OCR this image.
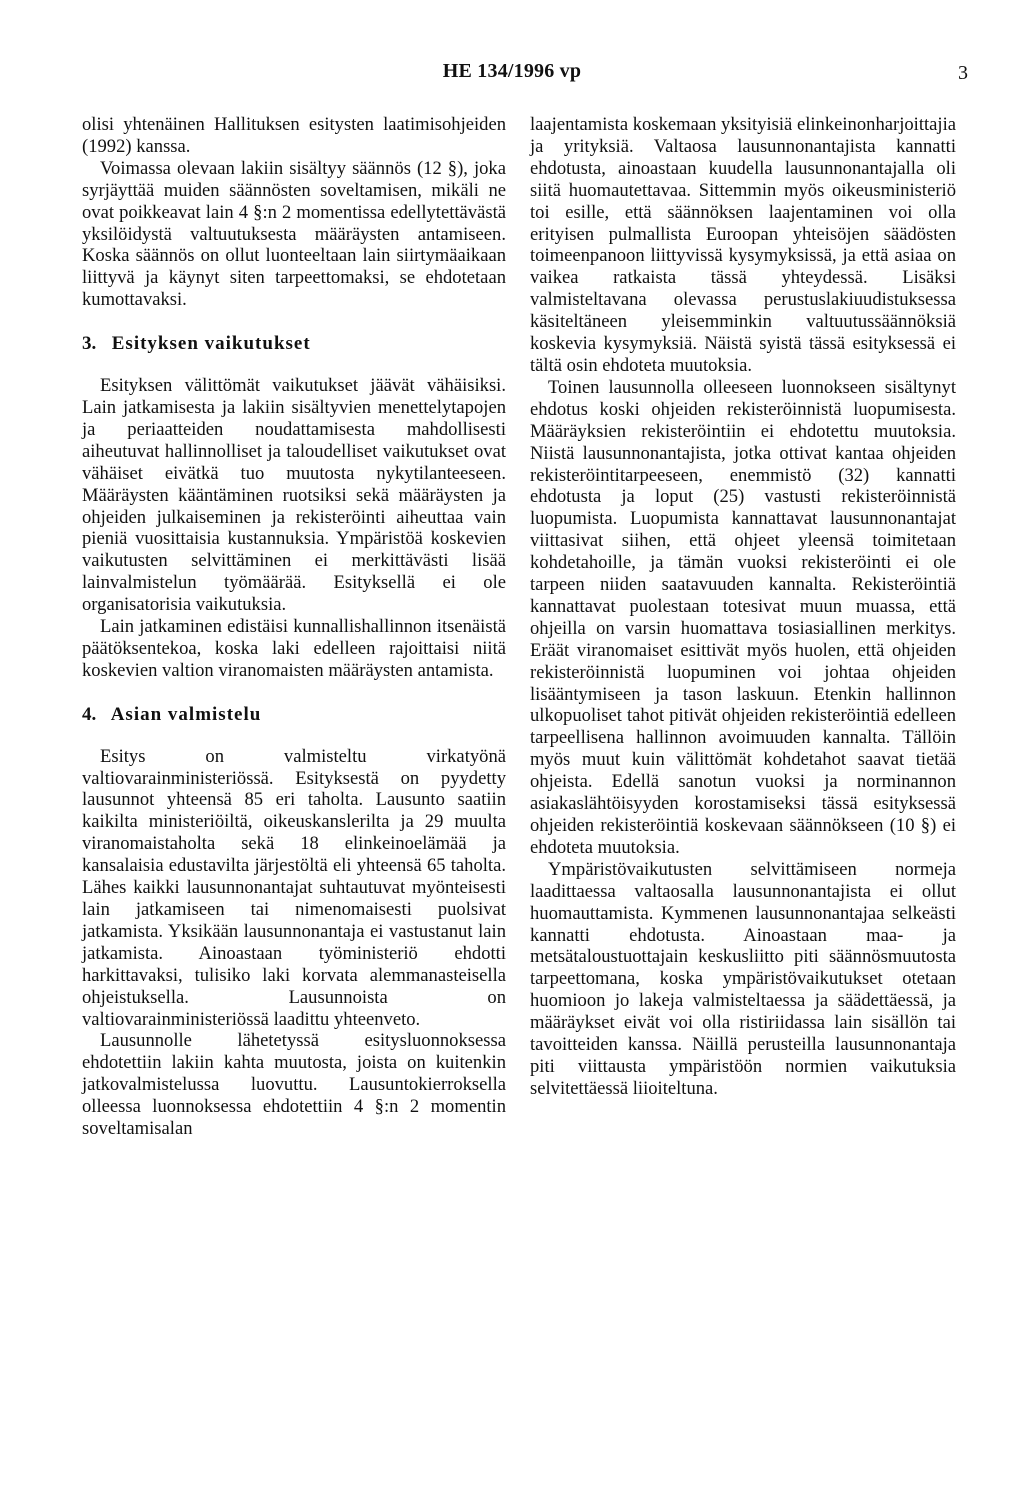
HE 134/1996 vp	3

olisi yhtenäinen Hallituksen esitysten laatimisohjeiden (1992) kanssa.

Voimassa olevaan lakiin sisältyy säännös (12 §), joka syrjäyttää muiden säännösten soveltamisen, mikäli ne ovat poikkeavat lain 4 §:n 2 momentissa edellytettävästä yksilöidystä valtuutuksesta määräysten antamiseen. Koska säännös on ollut luonteeltaan lain siirtymäaikaan liittyvä ja käynyt siten tarpeettomaksi, se ehdotetaan kumottavaksi.

3. Esityksen vaikutukset

Esityksen välittömät vaikutukset jäävät vähäisiksi. Lain jatkamisesta ja lakiin sisältyvien menettelytapojen ja periaatteiden noudattamisesta mahdollisesti aiheutuvat hallinnolliset ja taloudelliset vaikutukset ovat vähäiset eivätkä tuo muutosta nykytilanteeseen. Määräysten kääntäminen ruotsiksi sekä määräysten ja ohjeiden julkaiseminen ja rekisteröinti aiheuttaa vain pieniä vuosittaisia kustannuksia. Ympäristöä koskevien vaikutusten selvittäminen ei merkittävästi lisää lainvalmistelun työmäärää. Esityksellä ei ole organisatorisia vaikutuksia.

Lain jatkaminen edistäisi kunnallishallinnon itsenäistä päätöksentekoa, koska laki edelleen rajoittaisi niitä koskevien valtion viranomaisten määräysten antamista.

4. Asian valmistelu

Esitys on valmisteltu virkatyönä valtiovarainministeriössä. Esityksestä on pyydetty lausunnot yhteensä 85 eri taholta. Lausunto saatiin kaikilta ministeriöiltä, oikeuskanslerilta ja 29 muulta viranomaistaholta sekä 18 elinkeinoelämää ja kansalaisia edustavilta järjestöltä eli yhteensä 65 taholta. Lähes kaikki lausunnonantajat suhtautuvat myönteisesti lain jatkamiseen tai nimenomaisesti puolsivat jatkamista. Yksikään lausunnonantaja ei vastustanut lain jatkamista. Ainoastaan työministeriö ehdotti harkittavaksi, tulisiko laki korvata alemmanasteisella ohjeistuksella. Lausunnoista on valtiovarainministeriössä laadittu yhteenveto.

Lausunnolle lähetetyssä esitysluonnoksessa ehdotettiin lakiin kahta muutosta, joista on kuitenkin jatkovalmistelussa luovuttu. Lausuntokierroksella olleessa luonnoksessa ehdotettiin 4 §:n 2 momentin soveltamisalan

laajentamista koskemaan yksityisiä elinkeinonharjoittajia ja yrityksiä. Valtaosa lausunnonantajista kannatti ehdotusta, ainoastaan kuudella lausunnonantajalla oli siitä huomautettavaa. Sittemmin myös oikeusministeriö toi esille, että säännöksen laajentaminen voi olla erityisen pulmallista Euroopan yhteisöjen säädösten toimeenpanoon liittyvissä kysymyksissä, ja että asiaa on vaikea ratkaista tässä yhteydessä. Lisäksi valmisteltavana olevassa perustuslakiuudistuksessa käsiteltäneen yleisemminkin valtuutussäännöksiä koskevia kysymyksiä. Näistä syistä tässä esityksessä ei tältä osin ehdoteta muutoksia.

Toinen lausunnolla olleeseen luonnokseen sisältynyt ehdotus koski ohjeiden rekisteröinnistä luopumisesta. Määräyksien rekisteröintiin ei ehdotettu muutoksia. Niistä lausunnonantajista, jotka ottivat kantaa ohjeiden rekisteröintitarpeeseen, enemmistö (32) kannatti ehdotusta ja loput (25) vastusti rekisteröinnistä luopumista. Luopumista kannattavat lausunnonantajat viittasivat siihen, että ohjeet yleensä toimitetaan kohdetahoille, ja tämän vuoksi rekisteröinti ei ole tarpeen niiden saatavuuden kannalta. Rekisteröintiä kannattavat puolestaan totesivat muun muassa, että ohjeilla on varsin huomattava tosiasiallinen merkitys. Eräät viranomaiset esittivät myös huolen, että ohjeiden rekisteröinnistä luopuminen voi johtaa ohjeiden lisääntymiseen ja tason laskuun. Etenkin hallinnon ulkopuoliset tahot pitivät ohjeiden rekisteröintiä edelleen tarpeellisena hallinnon avoimuuden kannalta. Tällöin myös muut kuin välittömät kohdetahot saavat tietää ohjeista. Edellä sanotun vuoksi ja norminannon asiakaslähtöisyyden korostamiseksi tässä esityksessä ohjeiden rekisteröintiä koskevaan säännökseen (10 §) ei ehdoteta muutoksia.

Ympäristövaikutusten selvittämiseen normeja laadittaessa valtaosalla lausunnonantajista ei ollut huomauttamista. Kymmenen lausunnonantajaa selkeästi kannatti ehdotusta. Ainoastaan maa- ja metsätaloustuottajain keskusliitto piti säännösmuutosta tarpeettomana, koska ympäristövaikutukset otetaan huomioon jo lakeja valmisteltaessa ja säädettäessä, ja määräykset eivät voi olla ristiriidassa lain sisällön tai tavoitteiden kanssa. Näillä perusteilla lausunnonantaja piti viittausta ympäristöön normien vaikutuksia selvitettäessä liioiteltuna.
